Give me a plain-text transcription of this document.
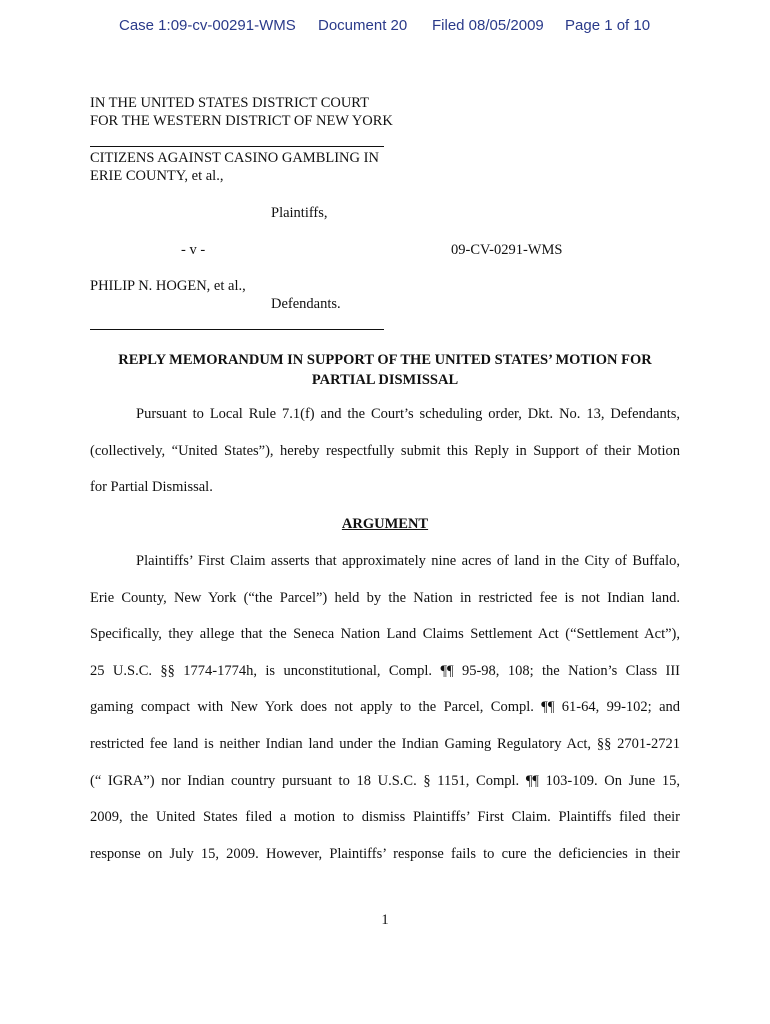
Case 1:09-cv-00291-WMS Document 20 Filed 08/05/2009 Page 1 of 10
IN THE UNITED STATES DISTRICT COURT
FOR THE WESTERN DISTRICT OF NEW YORK
CITIZENS AGAINST CASINO GAMBLING IN
ERIE COUNTY, et al.,
Plaintiffs,
- v -	09-CV-0291-WMS
PHILIP N. HOGEN, et al.,
Defendants.
REPLY MEMORANDUM IN SUPPORT OF THE UNITED STATES’ MOTION FOR
PARTIAL DISMISSAL
Pursuant to Local Rule 7.1(f) and the Court’s scheduling order, Dkt. No. 13, Defendants,
(collectively, “United States”), hereby respectfully submit this Reply in Support of their Motion
for Partial Dismissal.
ARGUMENT
Plaintiffs’ First Claim asserts that approximately nine acres of land in the City of Buffalo,
Erie County, New York (“the Parcel”) held by the Nation in restricted fee is not Indian land.
Specifically, they allege that the Seneca Nation Land Claims Settlement Act (“Settlement Act”),
25 U.S.C. §§ 1774-1774h, is unconstitutional, Compl. ¶¶ 95-98, 108; the Nation’s Class III
gaming compact with New York does not apply to the Parcel, Compl. ¶¶ 61-64, 99-102; and
restricted fee land is neither Indian land under the Indian Gaming Regulatory Act, §§ 2701-2721
(“ IGRA”) nor Indian country pursuant to 18 U.S.C. § 1151, Compl. ¶¶ 103-109. On June 15,
2009, the United States filed a motion to dismiss Plaintiffs’ First Claim. Plaintiffs filed their
response on July 15, 2009. However, Plaintiffs’ response fails to cure the deficiencies in their
1
